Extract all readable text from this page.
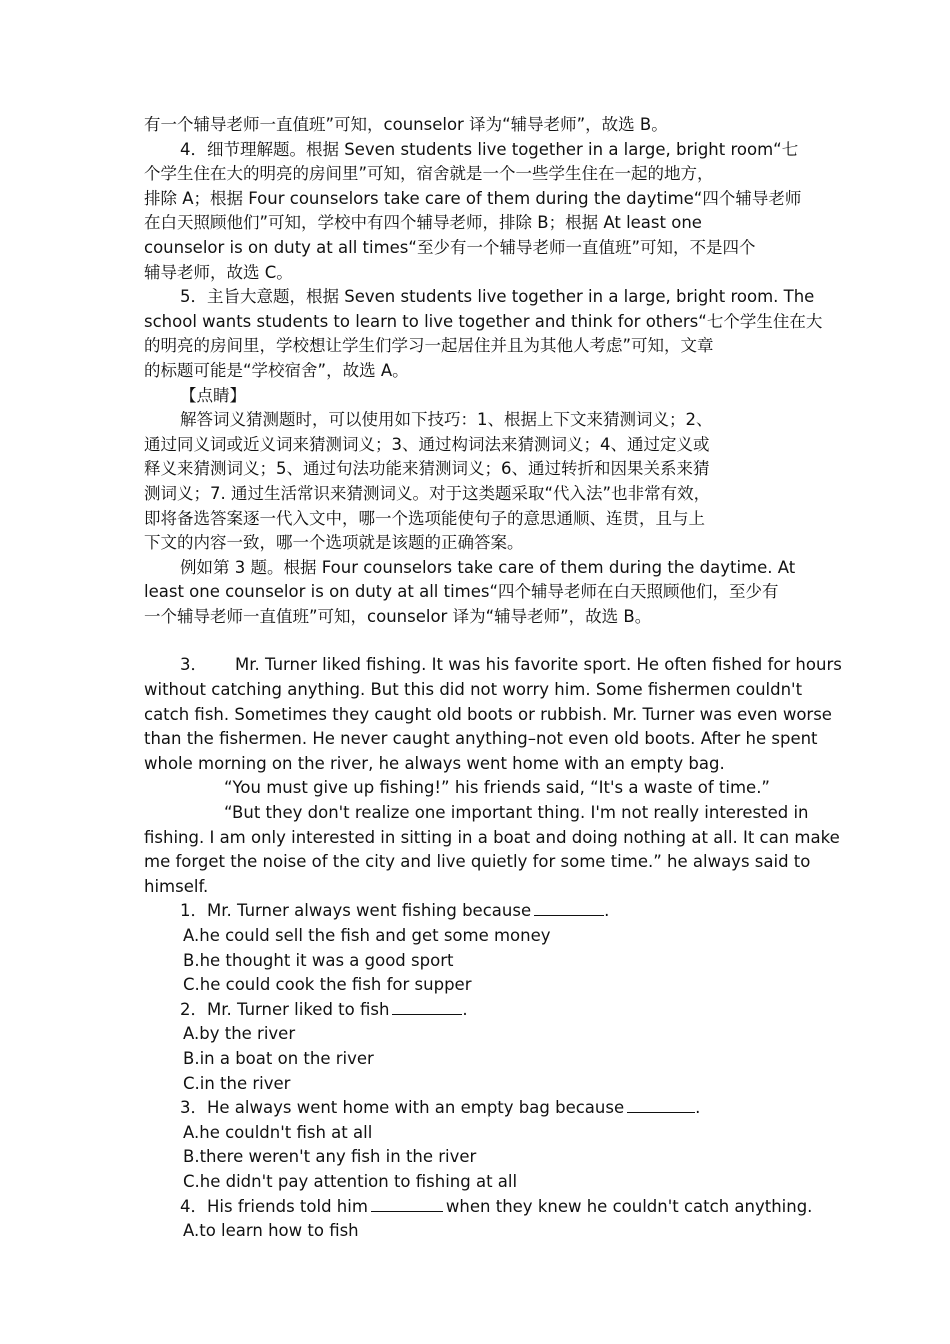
有一个辅导老师一直值班”可知，counselor 译为“辅导老师”，故选 B。
4．细节理解题。根据 Seven students live together in a large, bright room“七
个学生住在大的明亮的房间里”可知，宿舍就是一个一些学生住在一起的地方，
排除 A；根据 Four counselors take care of them during the daytime“四个辅导老师
在白天照顾他们”可知，学校中有四个辅导老师，排除 B；根据 At least one
counselor is on duty at all times“至少有一个辅导老师一直值班”可知，不是四个
辅导老师，故选 C。
5．主旨大意题，根据 Seven students live together in a large, bright room. The
school wants students to learn to live together and think for others“七个学生住在大
的明亮的房间里，学校想让学生们学习一起居住并且为其他人考虑”可知，文章
的标题可能是“学校宿舍”，故选 A。
【点睛】
解答词义猜测题时，可以使用如下技巧：1、根据上下文来猜测词义；2、
通过同义词或近义词来猜测词义；3、通过构词法来猜测词义；4、通过定义或
释义来猜测词义；5、通过句法功能来猜测词义；6、通过转折和因果关系来猜
测词义；7. 通过生活常识来猜测词义。对于这类题采取“代入法”也非常有效，
即将备选答案逐一代入文中，哪一个选项能使句子的意思通顺、连贯，且与上
下文的内容一致，哪一个选项就是该题的正确答案。
例如第 3 题。根据 Four counselors take care of them during the daytime. At
least one counselor is on duty at all times“四个辅导老师在白天照顾他们，至少有
一个辅导老师一直值班”可知，counselor 译为“辅导老师”，故选 B。
3． Mr. Turner liked fishing. It was his favorite sport. He often fished for hours
without catching anything. But this did not worry him. Some fishermen couldn't
catch fish. Sometimes they caught old boots or rubbish. Mr. Turner was even worse
than the fishermen. He never caught anything–not even old boots. After he spent
whole morning on the river, he always went home with an empty bag.
“You must give up fishing!” his friends said, “It's a waste of time.”
“But they don't realize one important thing. I'm not really interested in
fishing. I am only interested in sitting in a boat and doing nothing at all. It can make
me forget the noise of the city and live quietly for some time.” he always said to
himself.
1．Mr. Turner always went fishing because	.
A.he could sell the fish and get some money
B.he thought it was a good sport
C.he could cook the fish for supper
2．Mr. Turner liked to fish	.
A.by the river
B.in a boat on the river
C.in the river
3．He always went home with an empty bag because	.
A.he couldn't fish at all
B.there weren't any fish in the river
C.he didn't pay attention to fishing at all
4．His friends told him	when they knew he couldn't catch anything.
A.to learn how to fish
